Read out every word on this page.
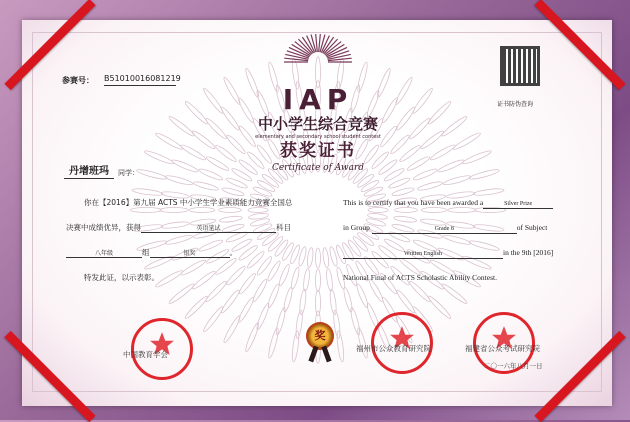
参赛号： B51010016081219
证书防伪查询
IAP
中小学生综合竞赛
elementary and secondary school student contest
获奖证书
Certificate of Award
丹增班玛	同学：
你在【2016】第九届 ACTS 中小学生学业素质能力竞赛全国总
决赛中成绩优异，获得	英语笔试	科目
八年级	组	银奖	。
特发此证，以示表彰。
This is to certify that you have been awarded a	Silver Prize
in Group	Grade 8	of Subject
Written English	in the 9th [2016]
National Final of ACTS Scholastic Ability Contest.
中国教育学会
奖
福州市公众教育研究院	福建省公众考试研究院
二〇一六年八月一日
